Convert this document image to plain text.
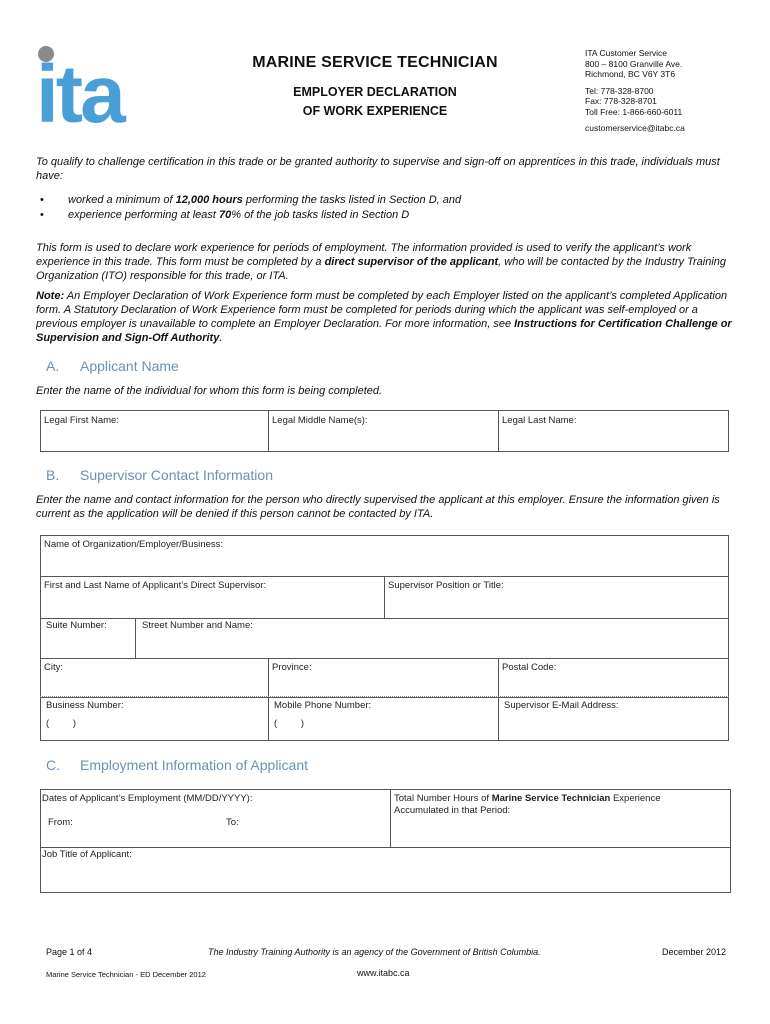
ita	MARINE SERVICE TECHNICIAN
EMPLOYER DECLARATION
OF WORK EXPERIENCE
ITA Customer Service
800 – 8100 Granville Ave.
Richmond, BC V6Y 3T6
Tel: 778-328-8700
Fax: 778-328-8701
Toll Free: 1-866-660-6011
customerservice@itabc.ca
To qualify to challenge certification in this trade or be granted authority to supervise and sign-off on apprentices in this trade, individuals must have:
• worked a minimum of 12,000 hours performing the tasks listed in Section D, and
• experience performing at least 70% of the job tasks listed in Section D
This form is used to declare work experience for periods of employment. The information provided is used to verify the applicant’s work experience in this trade. This form must be completed by a direct supervisor of the applicant, who will be contacted by the Industry Training Organization (ITO) responsible for this trade, or ITA.
Note: An Employer Declaration of Work Experience form must be completed by each Employer listed on the applicant’s completed Application form. A Statutory Declaration of Work Experience form must be completed for periods during which the applicant was self-employed or a previous employer is unavailable to complete an Employer Declaration. For more information, see Instructions for Certification Challenge or Supervision and Sign-Off Authority.
A. Applicant Name
Enter the name of the individual for whom this form is being completed.
Legal First Name:	Legal Middle Name(s):	Legal Last Name:
B. Supervisor Contact Information
Enter the name and contact information for the person who directly supervised the applicant at this employer. Ensure the information given is current as the application will be denied if this person cannot be contacted by ITA.
Name of Organization/Employer/Business:
First and Last Name of Applicant’s Direct Supervisor:	Supervisor Position or Title:
Suite Number:	Street Number and Name:
City:	Province:	Postal Code:
Business Number:	Mobile Phone Number:	Supervisor E-Mail Address:
(         )	(         )
C. Employment Information of Applicant
Dates of Applicant’s Employment (MM/DD/YYYY):
From:	To:
Total Number Hours of Marine Service Technician Experience
Accumulated in that Period:
Job Title of Applicant:
Page 1 of 4	The Industry Training Authority is an agency of the Government of British Columbia.	December 2012
Marine Service Technician - ED December 2012	www.itabc.ca
